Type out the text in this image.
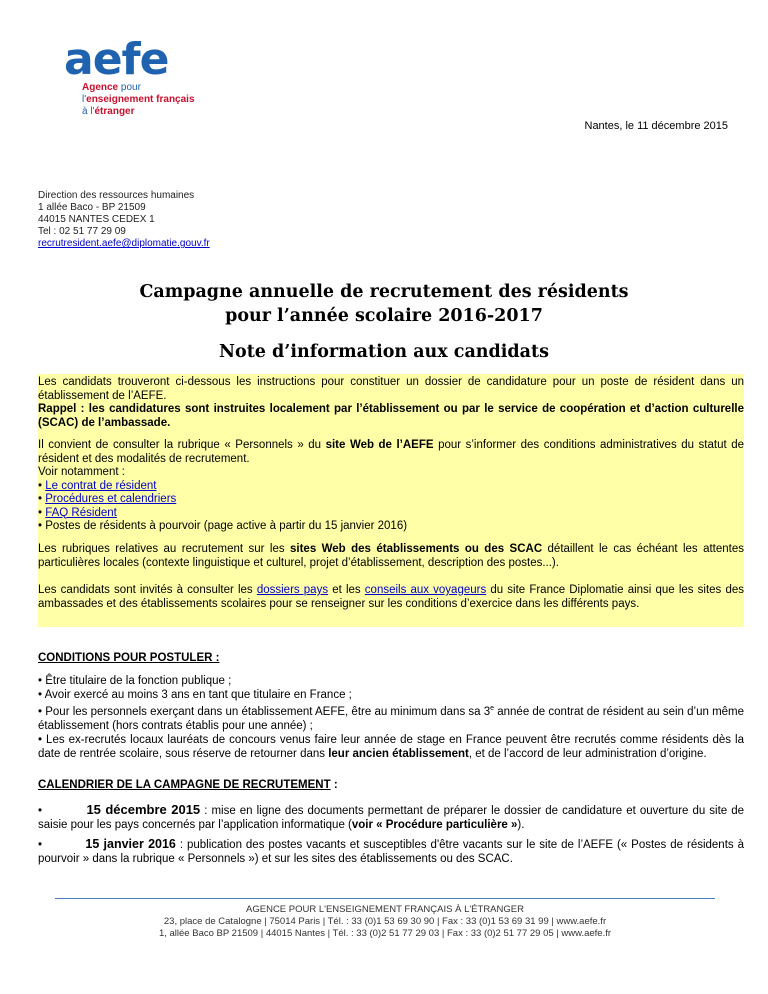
aefe
Agence pour
l'enseignement français
à l'étranger
Nantes, le 11 décembre 2015
Direction des ressources humaines
1 allée Baco - BP 21509
44015 NANTES CEDEX 1
Tel : 02 51 77 29 09
recrutresident.aefe@diplomatie.gouv.fr
Campagne annuelle de recrutement des résidents
pour l’année scolaire 2016-2017
Note d’information aux candidats
Les candidats trouveront ci-dessous les instructions pour constituer un dossier de candidature pour un poste de résident dans un établissement de l’AEFE.
Rappel : les candidatures sont instruites localement par l’établissement ou par le service de coopération et d’action culturelle (SCAC) de l’ambassade.
Il convient de consulter la rubrique « Personnels » du site Web de l’AEFE pour s’informer des conditions administratives du statut de résident et des modalités de recrutement.
Voir notamment :
• Le contrat de résident
• Procédures et calendriers
• FAQ Résident
• Postes de résidents à pourvoir (page active à partir du 15 janvier 2016)
Les rubriques relatives au recrutement sur les sites Web des établissements ou des SCAC détaillent le cas échéant les attentes particulières locales (contexte linguistique et culturel, projet d’établissement, description des postes...).
Les candidats sont invités à consulter les dossiers pays et les conseils aux voyageurs du site France Diplomatie ainsi que les sites des ambassades et des établissements scolaires pour se renseigner sur les conditions d’exercice dans les différents pays.
CONDITIONS POUR POSTULER :
• Être titulaire de la fonction publique ;
• Avoir exercé au moins 3 ans en tant que titulaire en France ;
• Pour les personnels exerçant dans un établissement AEFE, être au minimum dans sa 3e année de contrat de résident au sein d’un même établissement (hors contrats établis pour une année) ;
• Les ex-recrutés locaux lauréats de concours venus faire leur année de stage en France peuvent être recrutés comme résidents dès la date de rentrée scolaire, sous réserve de retourner dans leur ancien établissement, et de l’accord de leur administration d’origine.
CALENDRIER DE LA CAMPAGNE DE RECRUTEMENT :
•           15 décembre 2015 : mise en ligne des documents permettant de préparer le dossier de candidature et ouverture du site de saisie pour les pays concernés par l’application informatique (voir « Procédure particulière »).
•           15 janvier 2016 : publication des postes vacants et susceptibles d'être vacants sur le site de l’AEFE (« Postes de résidents à pourvoir » dans la rubrique « Personnels ») et sur les sites des établissements ou des SCAC.
AGENCE POUR L'ENSEIGNEMENT FRANÇAIS À L'ÉTRANGER
23, place de Catalogne | 75014 Paris | Tél. : 33 (0)1 53 69 30 90 | Fax : 33 (0)1 53 69 31 99 | www.aefe.fr
1, allée Baco BP 21509 | 44015 Nantes | Tél. : 33 (0)2 51 77 29 03 | Fax : 33 (0)2 51 77 29 05 | www.aefe.fr
